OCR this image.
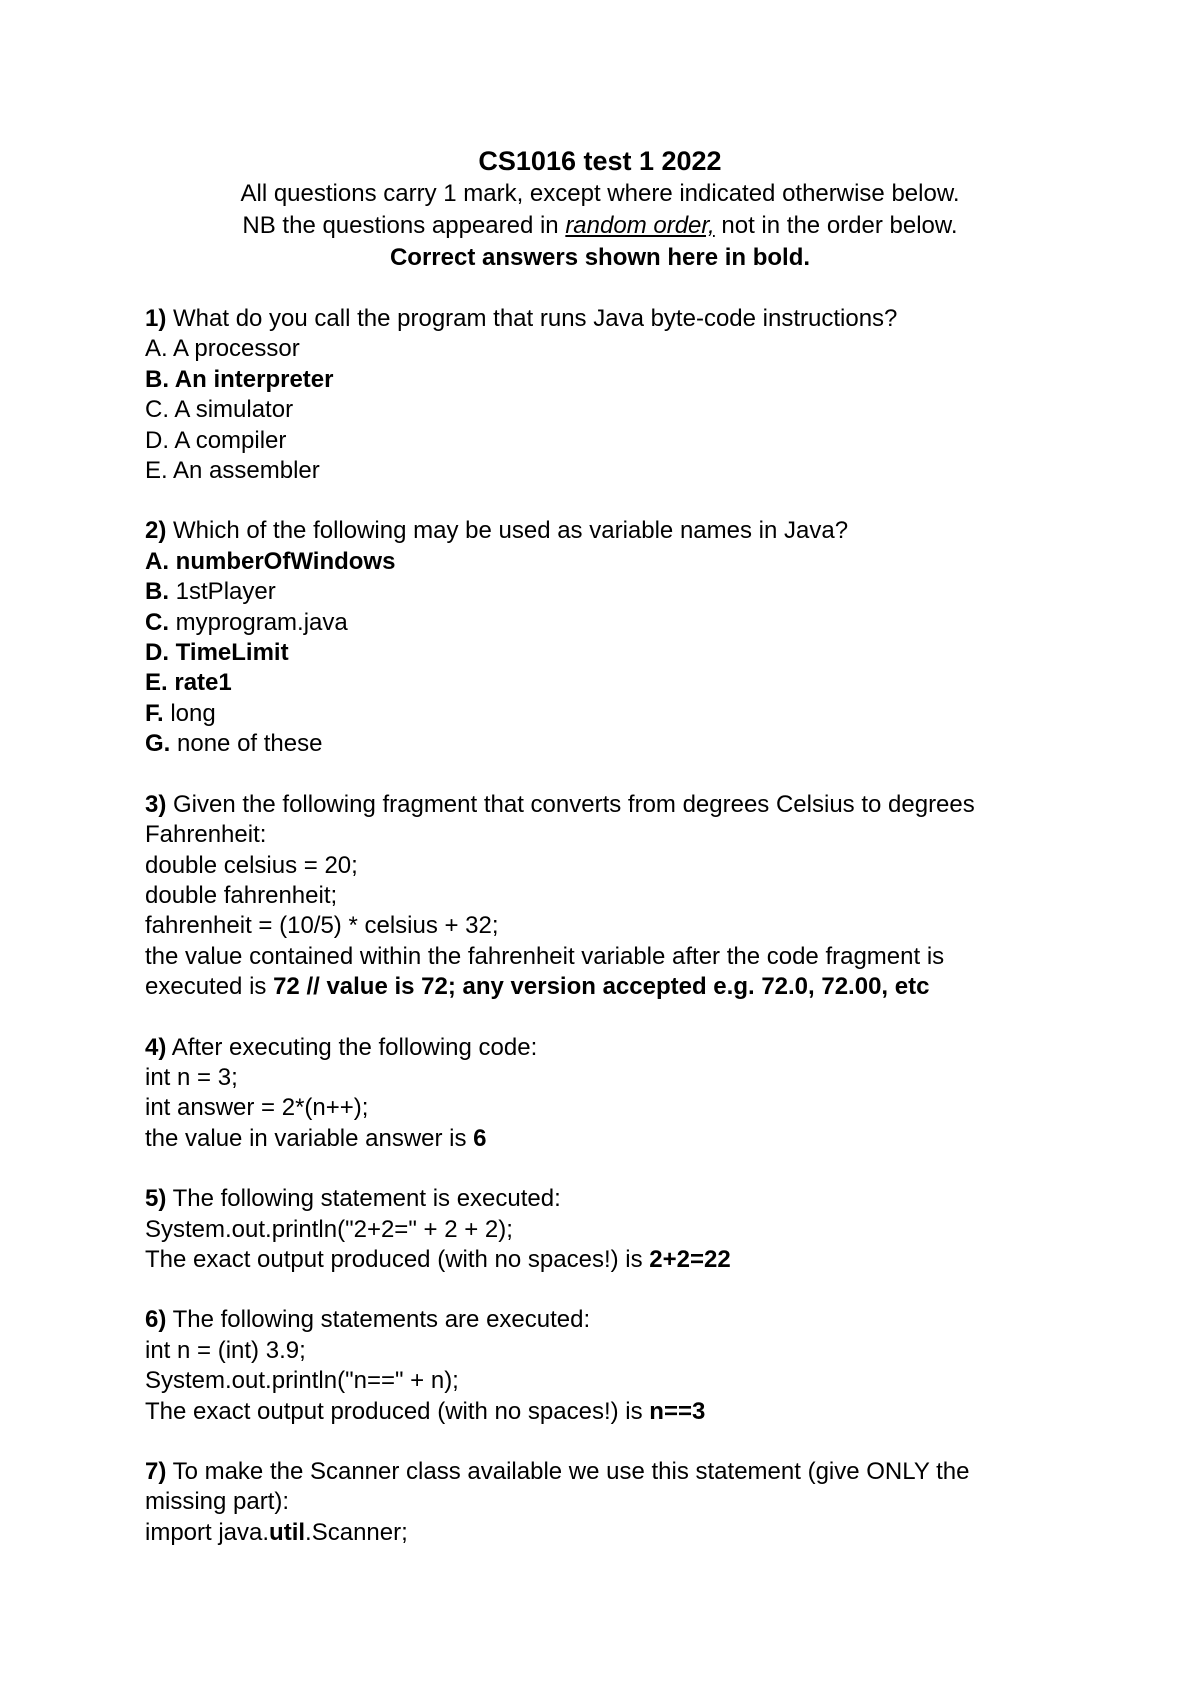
CS1016 test 1 2022
All questions carry 1 mark, except where indicated otherwise below.
NB the questions appeared in random order, not in the order below.
Correct answers shown here in bold.
1) What do you call the program that runs Java byte-code instructions?
A. A processor
B. An interpreter
C. A simulator
D. A compiler
E. An assembler
2) Which of the following may be used as variable names in Java?
A. numberOfWindows
B. 1stPlayer
C. myprogram.java
D. TimeLimit
E. rate1
F. long
G. none of these
3) Given the following fragment that converts from degrees Celsius to degrees
Fahrenheit:
double celsius = 20;
double fahrenheit;
fahrenheit = (10/5) * celsius + 32;
the value contained within the fahrenheit variable after the code fragment is
executed is 72 // value is 72; any version accepted e.g. 72.0, 72.00, etc
4) After executing the following code:
int n = 3;
int answer = 2*(n++);
the value in variable answer is 6
5) The following statement is executed:
System.out.println("2+2=" + 2 + 2);
The exact output produced (with no spaces!) is 2+2=22
6) The following statements are executed:
int n = (int) 3.9;
System.out.println("n==" + n);
The exact output produced (with no spaces!) is n==3
7) To make the Scanner class available we use this statement (give ONLY the
missing part):
import java.util.Scanner;
